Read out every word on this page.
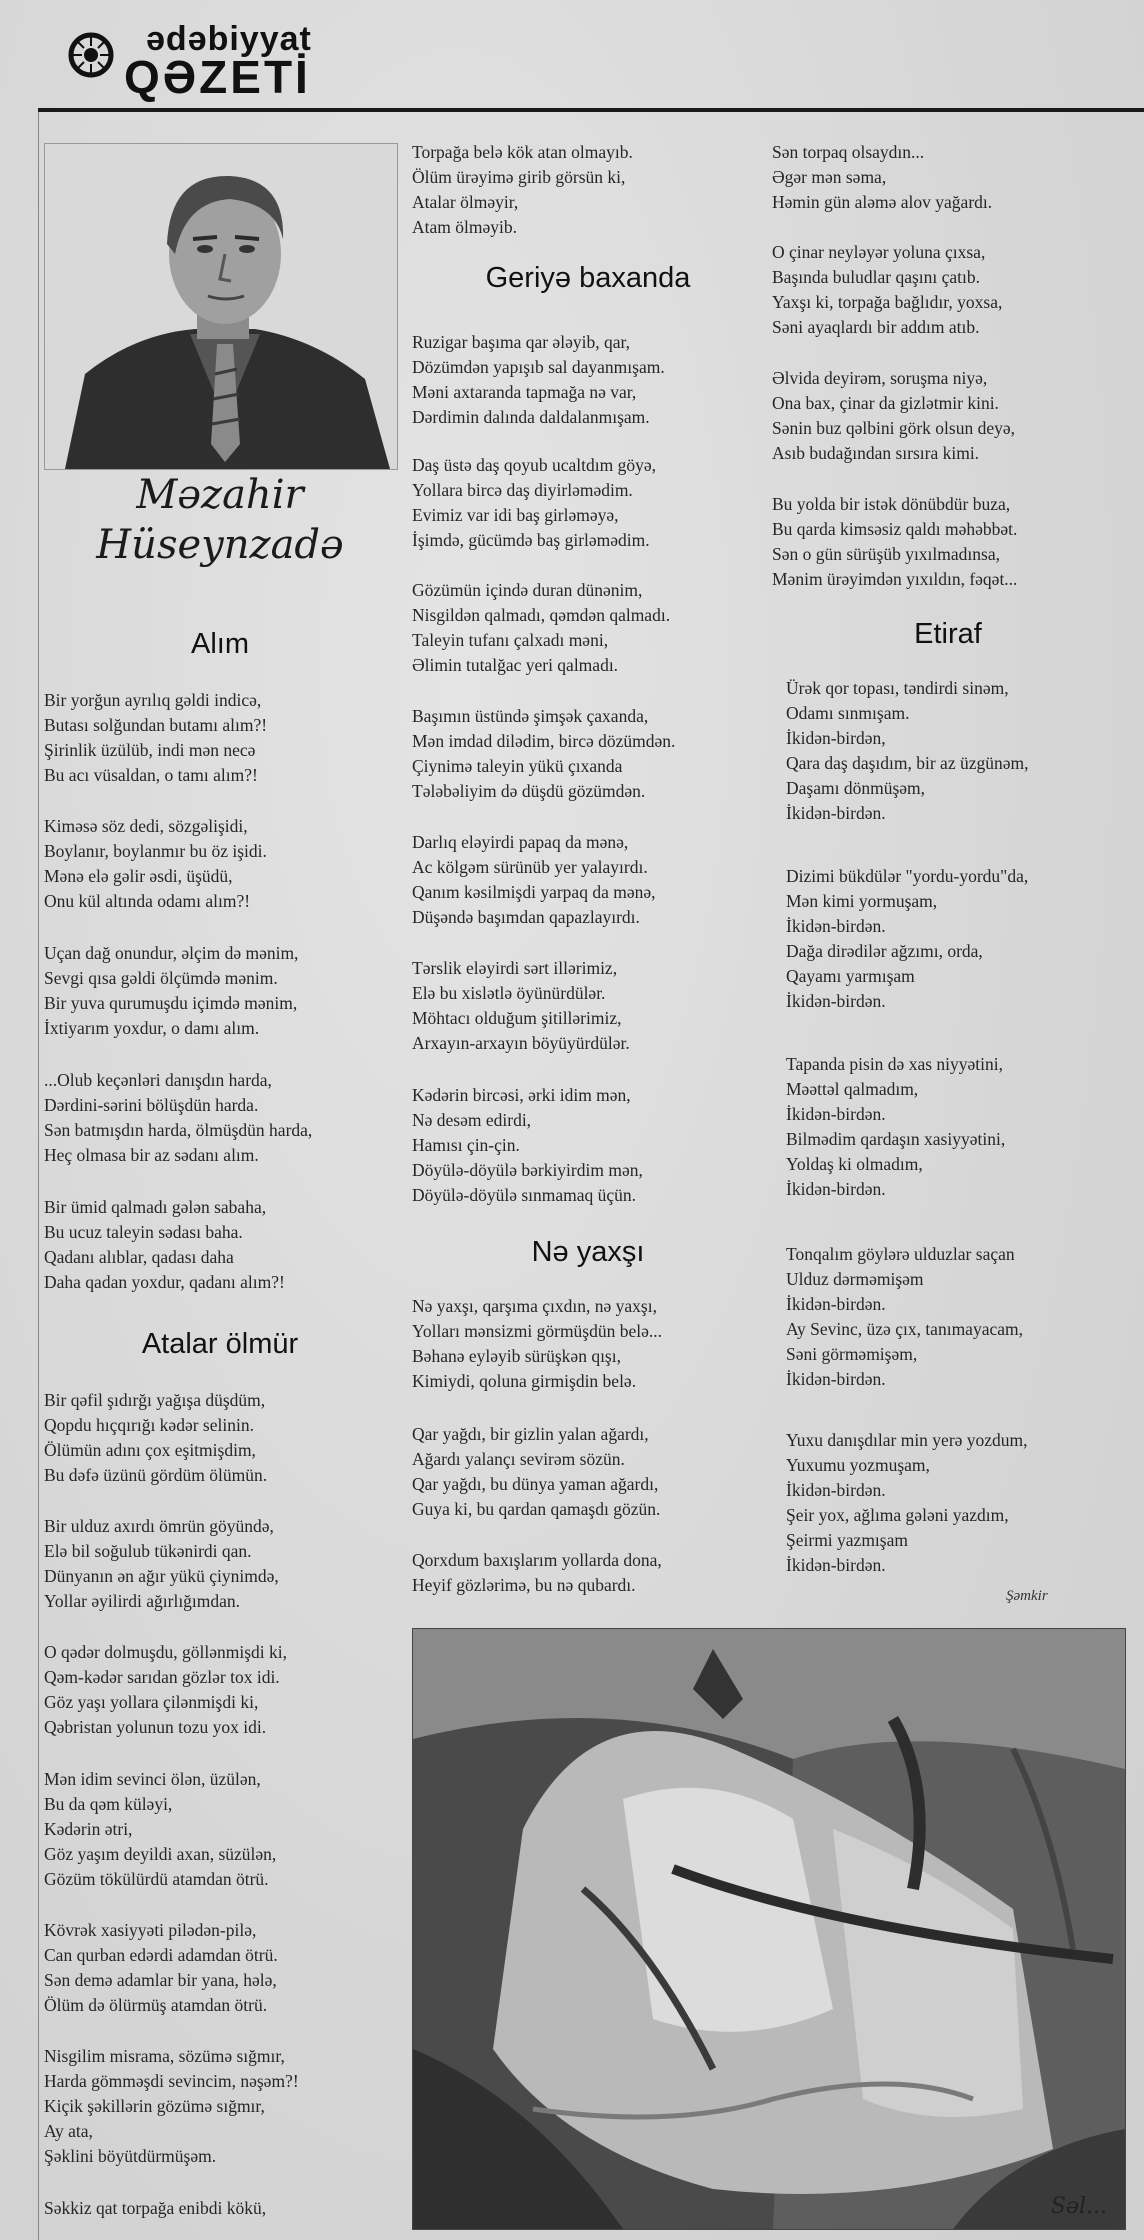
ədəbiyyat
QƏZETİ
Məzahir
Hüseynzadə
Alım
Bir yorğun ayrılıq gəldi indicə,
Butası solğundan butamı alım?!
Şirinlik üzülüb, indi mən necə
Bu acı vüsaldan, o tamı alım?!
Kiməsə söz dedi, sözgəlişidi,
Boylanır, boylanmır bu öz işidi.
Mənə elə gəlir əsdi, üşüdü,
Onu kül altında odamı alım?!
Uçan dağ onundur, əlçim də mənim,
Sevgi qısa gəldi ölçümdə mənim.
Bir yuva qurumuşdu içimdə mənim,
İxtiyarım yoxdur, o damı alım.
...Olub keçənləri danışdın harda,
Dərdini-sərini bölüşdün harda.
Sən batmışdın harda, ölmüşdün harda,
Heç olmasa bir az sədanı alım.
Bir ümid qalmadı gələn sabaha,
Bu ucuz taleyin sədası baha.
Qadanı alıblar, qadası daha
Daha qadan yoxdur, qadanı alım?!
Atalar ölmür
Bir qəfil şıdırğı yağışa düşdüm,
Qopdu hıçqırığı kədər selinin.
Ölümün adını çox eşitmişdim,
Bu dəfə üzünü gördüm ölümün.
Bir ulduz axırdı ömrün göyündə,
Elə bil soğulub tükənirdi qan.
Dünyanın ən ağır yükü çiynimdə,
Yollar əyilirdi ağırlığımdan.
O qədər dolmuşdu, göllənmişdi ki,
Qəm-kədər sarıdan gözlər tox idi.
Göz yaşı yollara çilənmişdi ki,
Qəbristan yolunun tozu yox idi.
Mən idim sevinci ölən, üzülən,
Bu da qəm küləyi,
Kədərin ətri,
Göz yaşım deyildi axan, süzülən,
Gözüm tökülürdü atamdan ötrü.
Kövrək xasiyyəti pilədən-pilə,
Can qurban edərdi adamdan ötrü.
Sən demə adamlar bir yana, hələ,
Ölüm də ölürmüş atamdan ötrü.
Nisgilim misrama, sözümə sığmır,
Harda gömməşdi sevincim, nəşəm?!
Kiçik şəkillərin gözümə sığmır,
Ay ata,
Şəklini böyütdürmüşəm.
Səkkiz qat torpağa enibdi kökü,
Torpağa belə kök atan olmayıb.
Ölüm ürəyimə girib görsün ki,
Atalar ölməyir,
Atam ölməyib.
Geriyə baxanda
Ruzigar başıma qar ələyib, qar,
Dözümdən yapışıb sal dayanmışam.
Məni axtaranda tapmağa nə var,
Dərdimin dalında daldalanmışam.
Daş üstə daş qoyub ucaltdım göyə,
Yollara bircə daş diyirləmədim.
Evimiz var idi baş girləməyə,
İşimdə, gücümdə baş girləmədim.
Gözümün içində duran dünənim,
Nisgildən qalmadı, qəmdən qalmadı.
Taleyin tufanı çalxadı məni,
Əlimin tutalğac yeri qalmadı.
Başımın üstündə şimşək çaxanda,
Mən imdad dilədim, bircə dözümdən.
Çiynimə taleyin yükü çıxanda
Tələbəliyim də düşdü gözümdən.
Darlıq eləyirdi papaq da mənə,
Ac kölgəm sürünüb yer yalayırdı.
Qanım kəsilmişdi yarpaq da mənə,
Düşəndə başımdan qapazlayırdı.
Tərslik eləyirdi sərt illərimiz,
Elə bu xislətlə öyünürdülər.
Möhtacı olduğum şitillərimiz,
Arxayın-arxayın böyüyürdülər.
Kədərin bircəsi, ərki idim mən,
Nə desəm edirdi,
Hamısı çin-çin.
Döyülə-döyülə bərkiyirdim mən,
Döyülə-döyülə sınmamaq üçün.
Nə yaxşı
Nə yaxşı, qarşıma çıxdın, nə yaxşı,
Yolları mənsizmi görmüşdün belə...
Bəhanə eyləyib sürüşkən qışı,
Kimiydi, qoluna girmişdin belə.
Qar yağdı, bir gizlin yalan ağardı,
Ağardı yalançı sevirəm sözün.
Qar yağdı, bu dünya yaman ağardı,
Guya ki, bu qardan qamaşdı gözün.
Qorxdum baxışlarım yollarda dona,
Heyif gözlərimə, bu nə qubardı.
Sən torpaq olsaydın...
Əgər mən səma,
Həmin gün aləmə alov yağardı.
O çinar neyləyər yoluna çıxsa,
Başında buludlar qaşını çatıb.
Yaxşı ki, torpağa bağlıdır, yoxsa,
Səni ayaqlardı bir addım atıb.
Əlvida deyirəm, soruşma niyə,
Ona bax, çinar da gizlətmir kini.
Sənin buz qəlbini görk olsun deyə,
Asıb budağından sırsıra kimi.
Bu yolda bir istək dönübdür buza,
Bu qarda kimsəsiz qaldı məhəbbət.
Sən o gün sürüşüb yıxılmadınsa,
Mənim ürəyimdən yıxıldın, fəqət...
Etiraf
Ürək qor topası, təndirdi sinəm,
Odamı sınmışam.
İkidən-birdən,
Qara daş daşıdım, bir az üzgünəm,
Daşamı dönmüşəm,
İkidən-birdən.
Dizimi bükdülər "yordu-yordu"da,
Mən kimi yormuşam,
İkidən-birdən.
Dağa dirədilər ağzımı, orda,
Qayamı yarmışam
İkidən-birdən.
Tapanda pisin də xas niyyətini,
Məəttəl qalmadım,
İkidən-birdən.
Bilmədim qardaşın xasiyyətini,
Yoldaş ki olmadım,
İkidən-birdən.
Tonqalım göylərə ulduzlar saçan
Ulduz dərməmişəm
İkidən-birdən.
Ay Sevinc, üzə çıx, tanımayacam,
Səni görməmişəm,
İkidən-birdən.
Yuxu danışdılar min yerə yozdum,
Yuxumu yozmuşam,
İkidən-birdən.
Şeir yox, ağlıma gələni yazdım,
Şeirmi yazmışam
İkidən-birdən.
Şəmkir
Səl...
